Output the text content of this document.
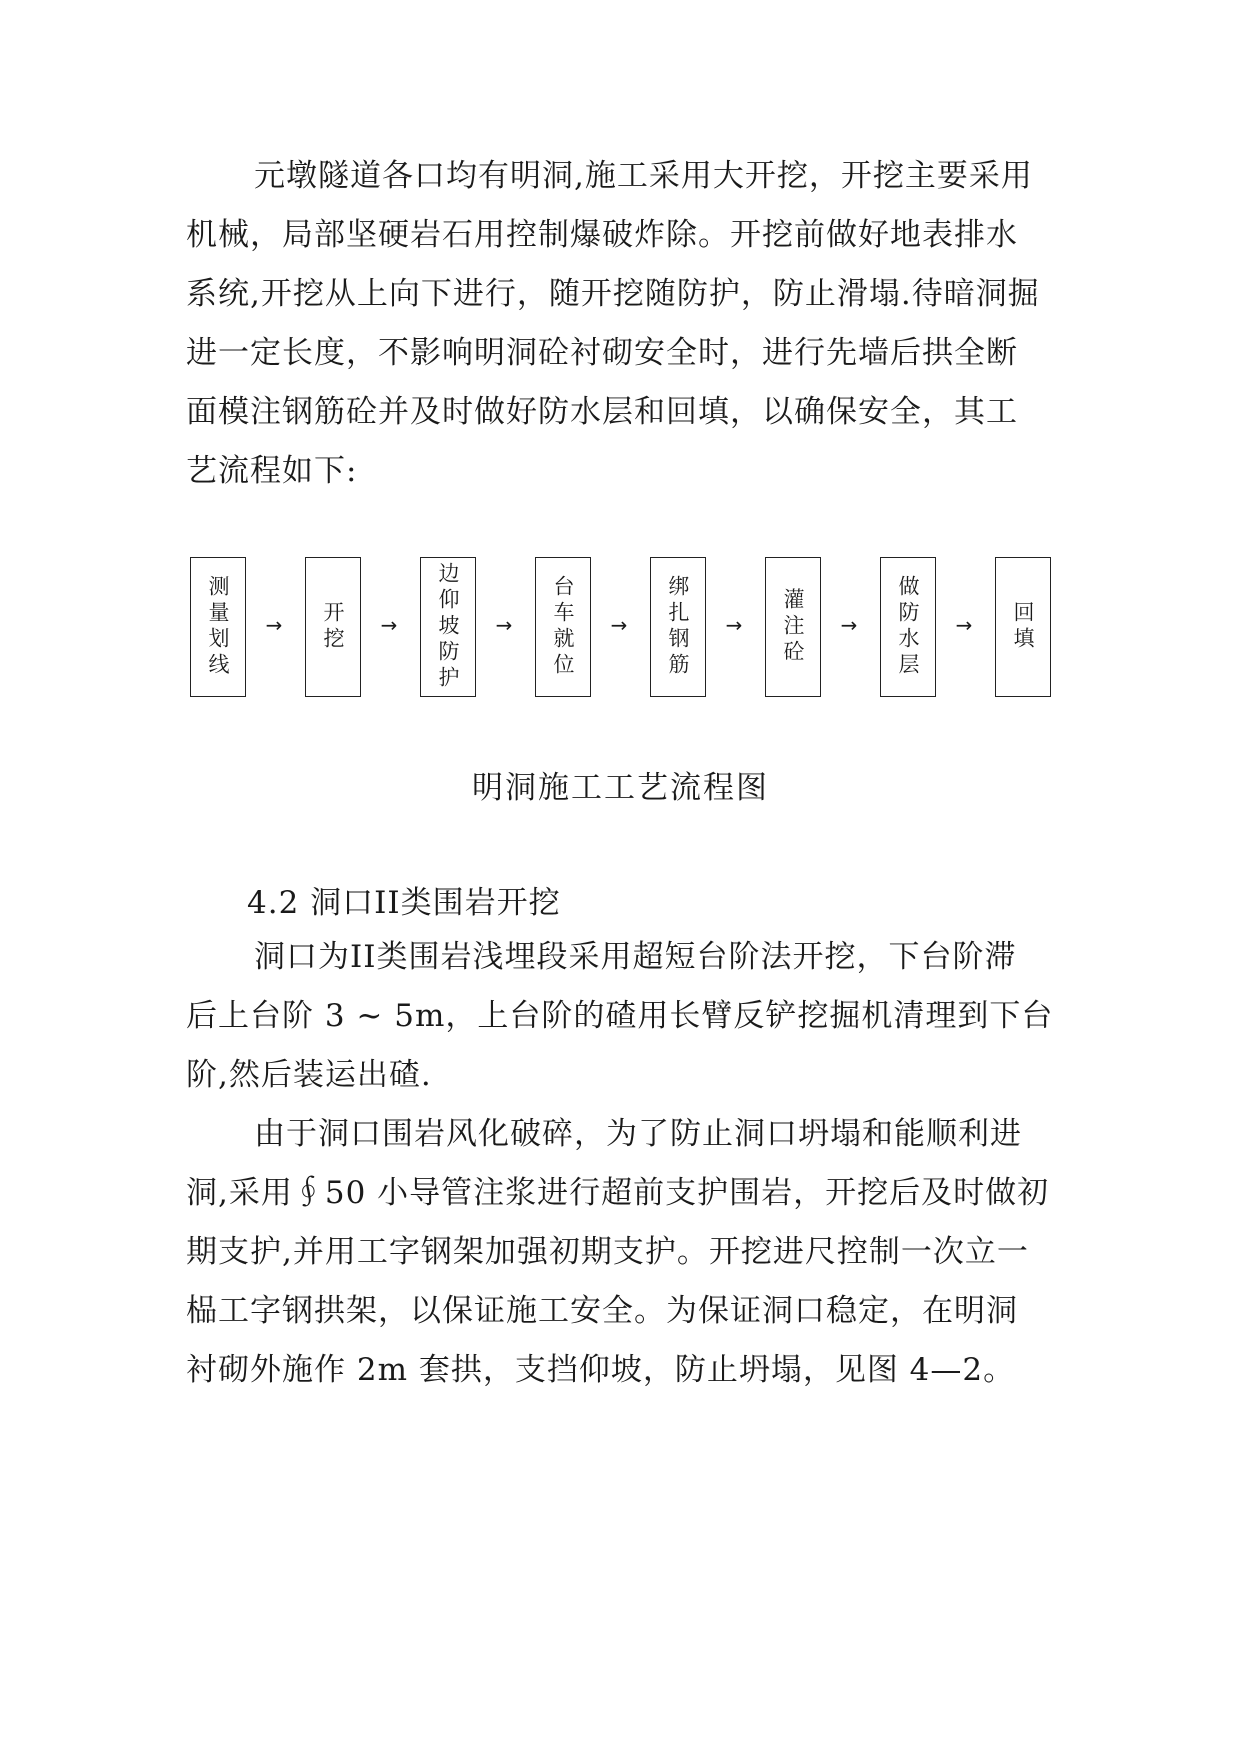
元墩隧道各口均有明洞,施工采用大开挖，开挖主要采用
机械，局部坚硬岩石用控制爆破炸除。开挖前做好地表排水
系统,开挖从上向下进行，随开挖随防护，防止滑塌.待暗洞掘
进一定长度，不影响明洞砼衬砌安全时，进行先墙后拱全断
面模注钢筋砼并及时做好防水层和回填，以确保安全，其工
艺流程如下:
测量划线 → 开挖 → 边仰坡防护 → 台车就位 → 绑扎钢筋 → 灌注砼 → 做防水层 → 回填

明洞施工工艺流程图

4.2 洞口II类围岩开挖

洞口为II类围岩浅埋段采用超短台阶法开挖，下台阶滞
后上台阶 3 ~ 5m，上台阶的碴用长臂反铲挖掘机清理到下台
阶,然后装运出碴.
由于洞口围岩风化破碎，为了防止洞口坍塌和能顺利进
洞,采用∮50 小导管注浆进行超前支护围岩，开挖后及时做初
期支护,并用工字钢架加强初期支护。开挖进尺控制一次立一
榀工字钢拱架，以保证施工安全。为保证洞口稳定，在明洞
衬砌外施作 2m 套拱，支挡仰坡，防止坍塌，见图 4—2。
